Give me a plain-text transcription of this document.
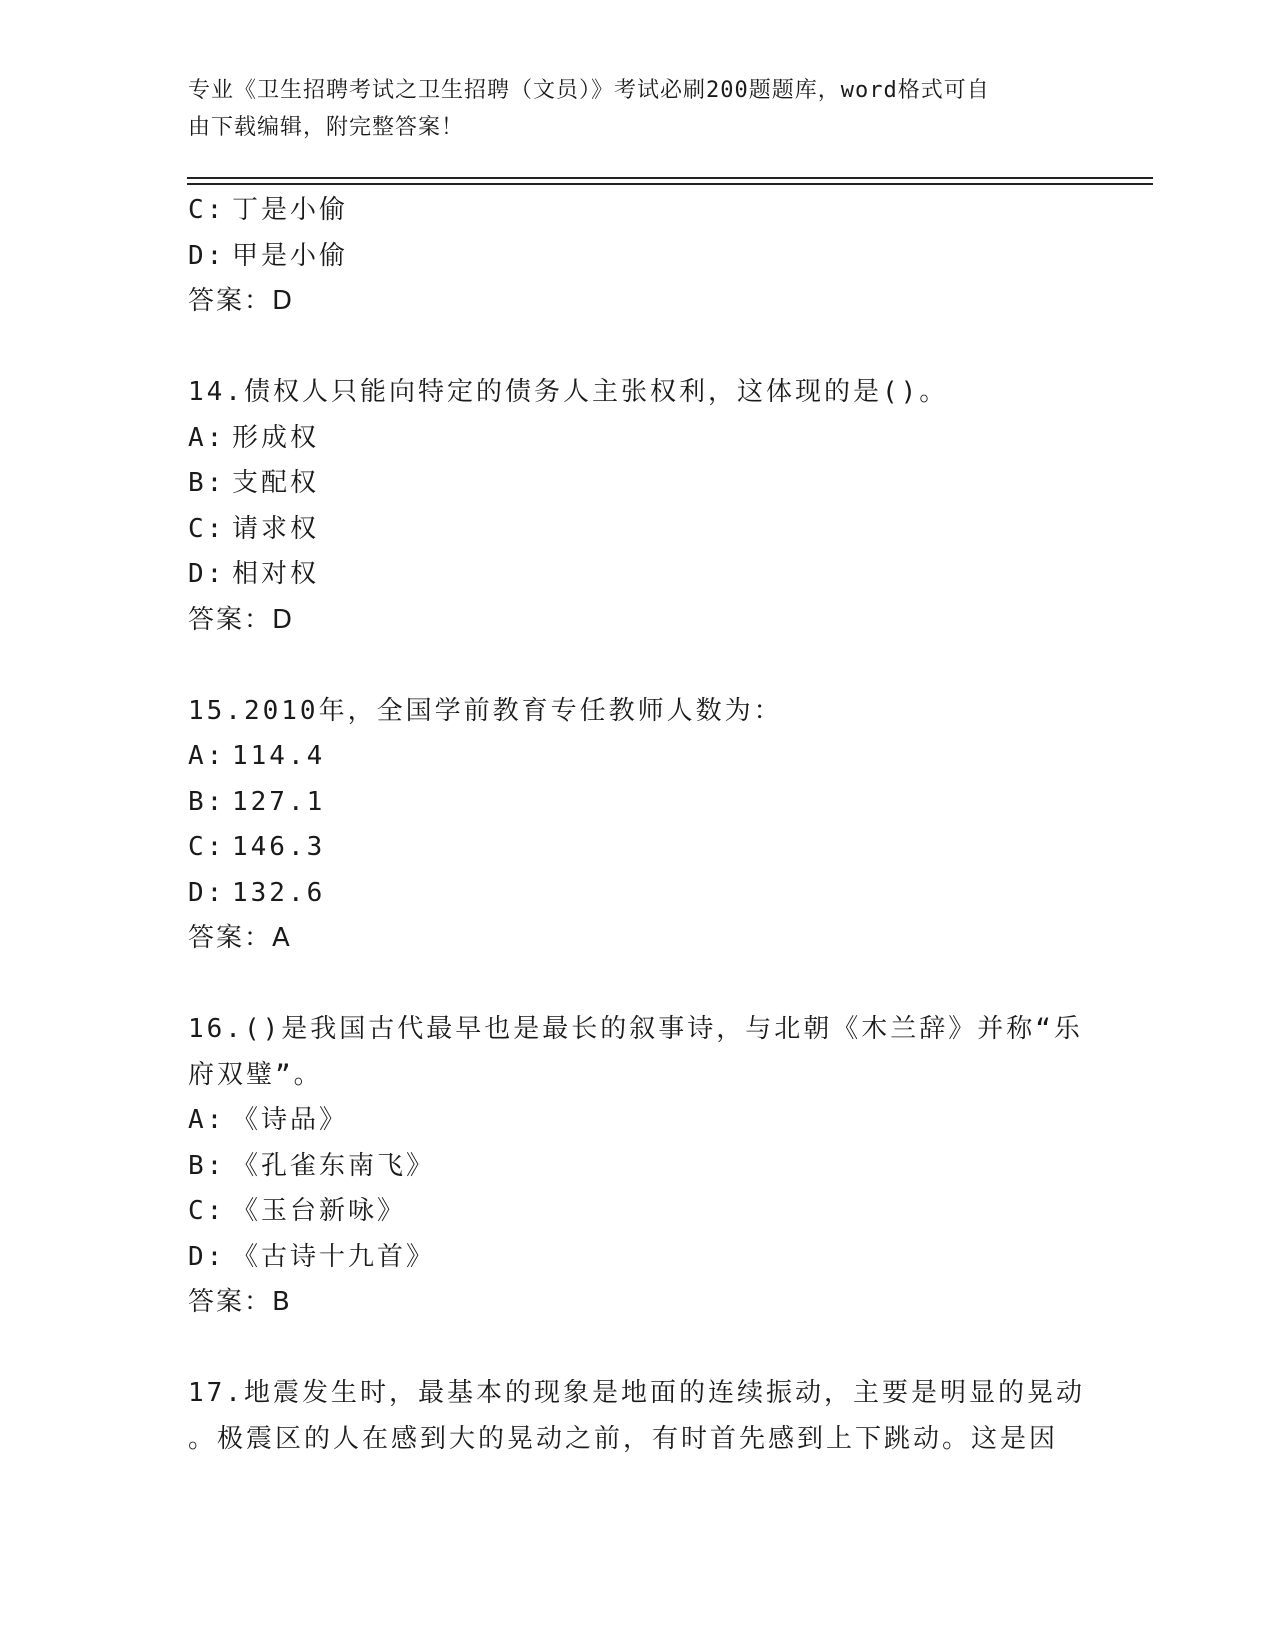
专业《卫生招聘考试之卫生招聘（文员）》考试必刷200题题库，word格式可自
由下载编辑，附完整答案！
C: 丁是小偷
D: 甲是小偷
答案：D
14.债权人只能向特定的债务人主张权利，这体现的是()。
A: 形成权
B: 支配权
C: 请求权
D: 相对权
答案：D
15.2010年，全国学前教育专任教师人数为：
A: 114.4
B: 127.1
C: 146.3
D: 132.6
答案：A
16.()是我国古代最早也是最长的叙事诗，与北朝《木兰辞》并称“乐
府双璧”。
A: 《诗品》
B: 《孔雀东南飞》
C: 《玉台新咏》
D: 《古诗十九首》
答案：B
17.地震发生时，最基本的现象是地面的连续振动，主要是明显的晃动
。极震区的人在感到大的晃动之前，有时首先感到上下跳动。这是因
